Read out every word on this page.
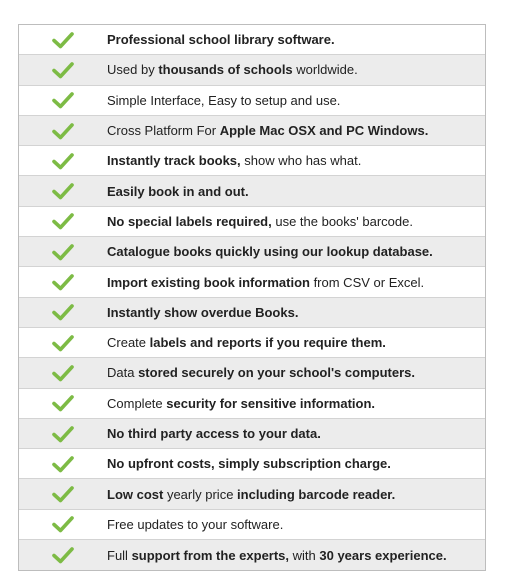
Professional school library software.
Used by thousands of schools worldwide.
Simple Interface, Easy to setup and use.
Cross Platform For Apple Mac OSX and PC Windows.
Instantly track books, show who has what.
Easily book in and out.
No special labels required, use the books' barcode.
Catalogue books quickly using our lookup database.
Import existing book information from CSV or Excel.
Instantly show overdue Books.
Create labels and reports if you require them.
Data stored securely on your school's computers.
Complete security for sensitive information.
No third party access to your data.
No upfront costs, simply subscription charge.
Low cost yearly price including barcode reader.
Free updates to your software.
Full support from the experts, with 30 years experience.
